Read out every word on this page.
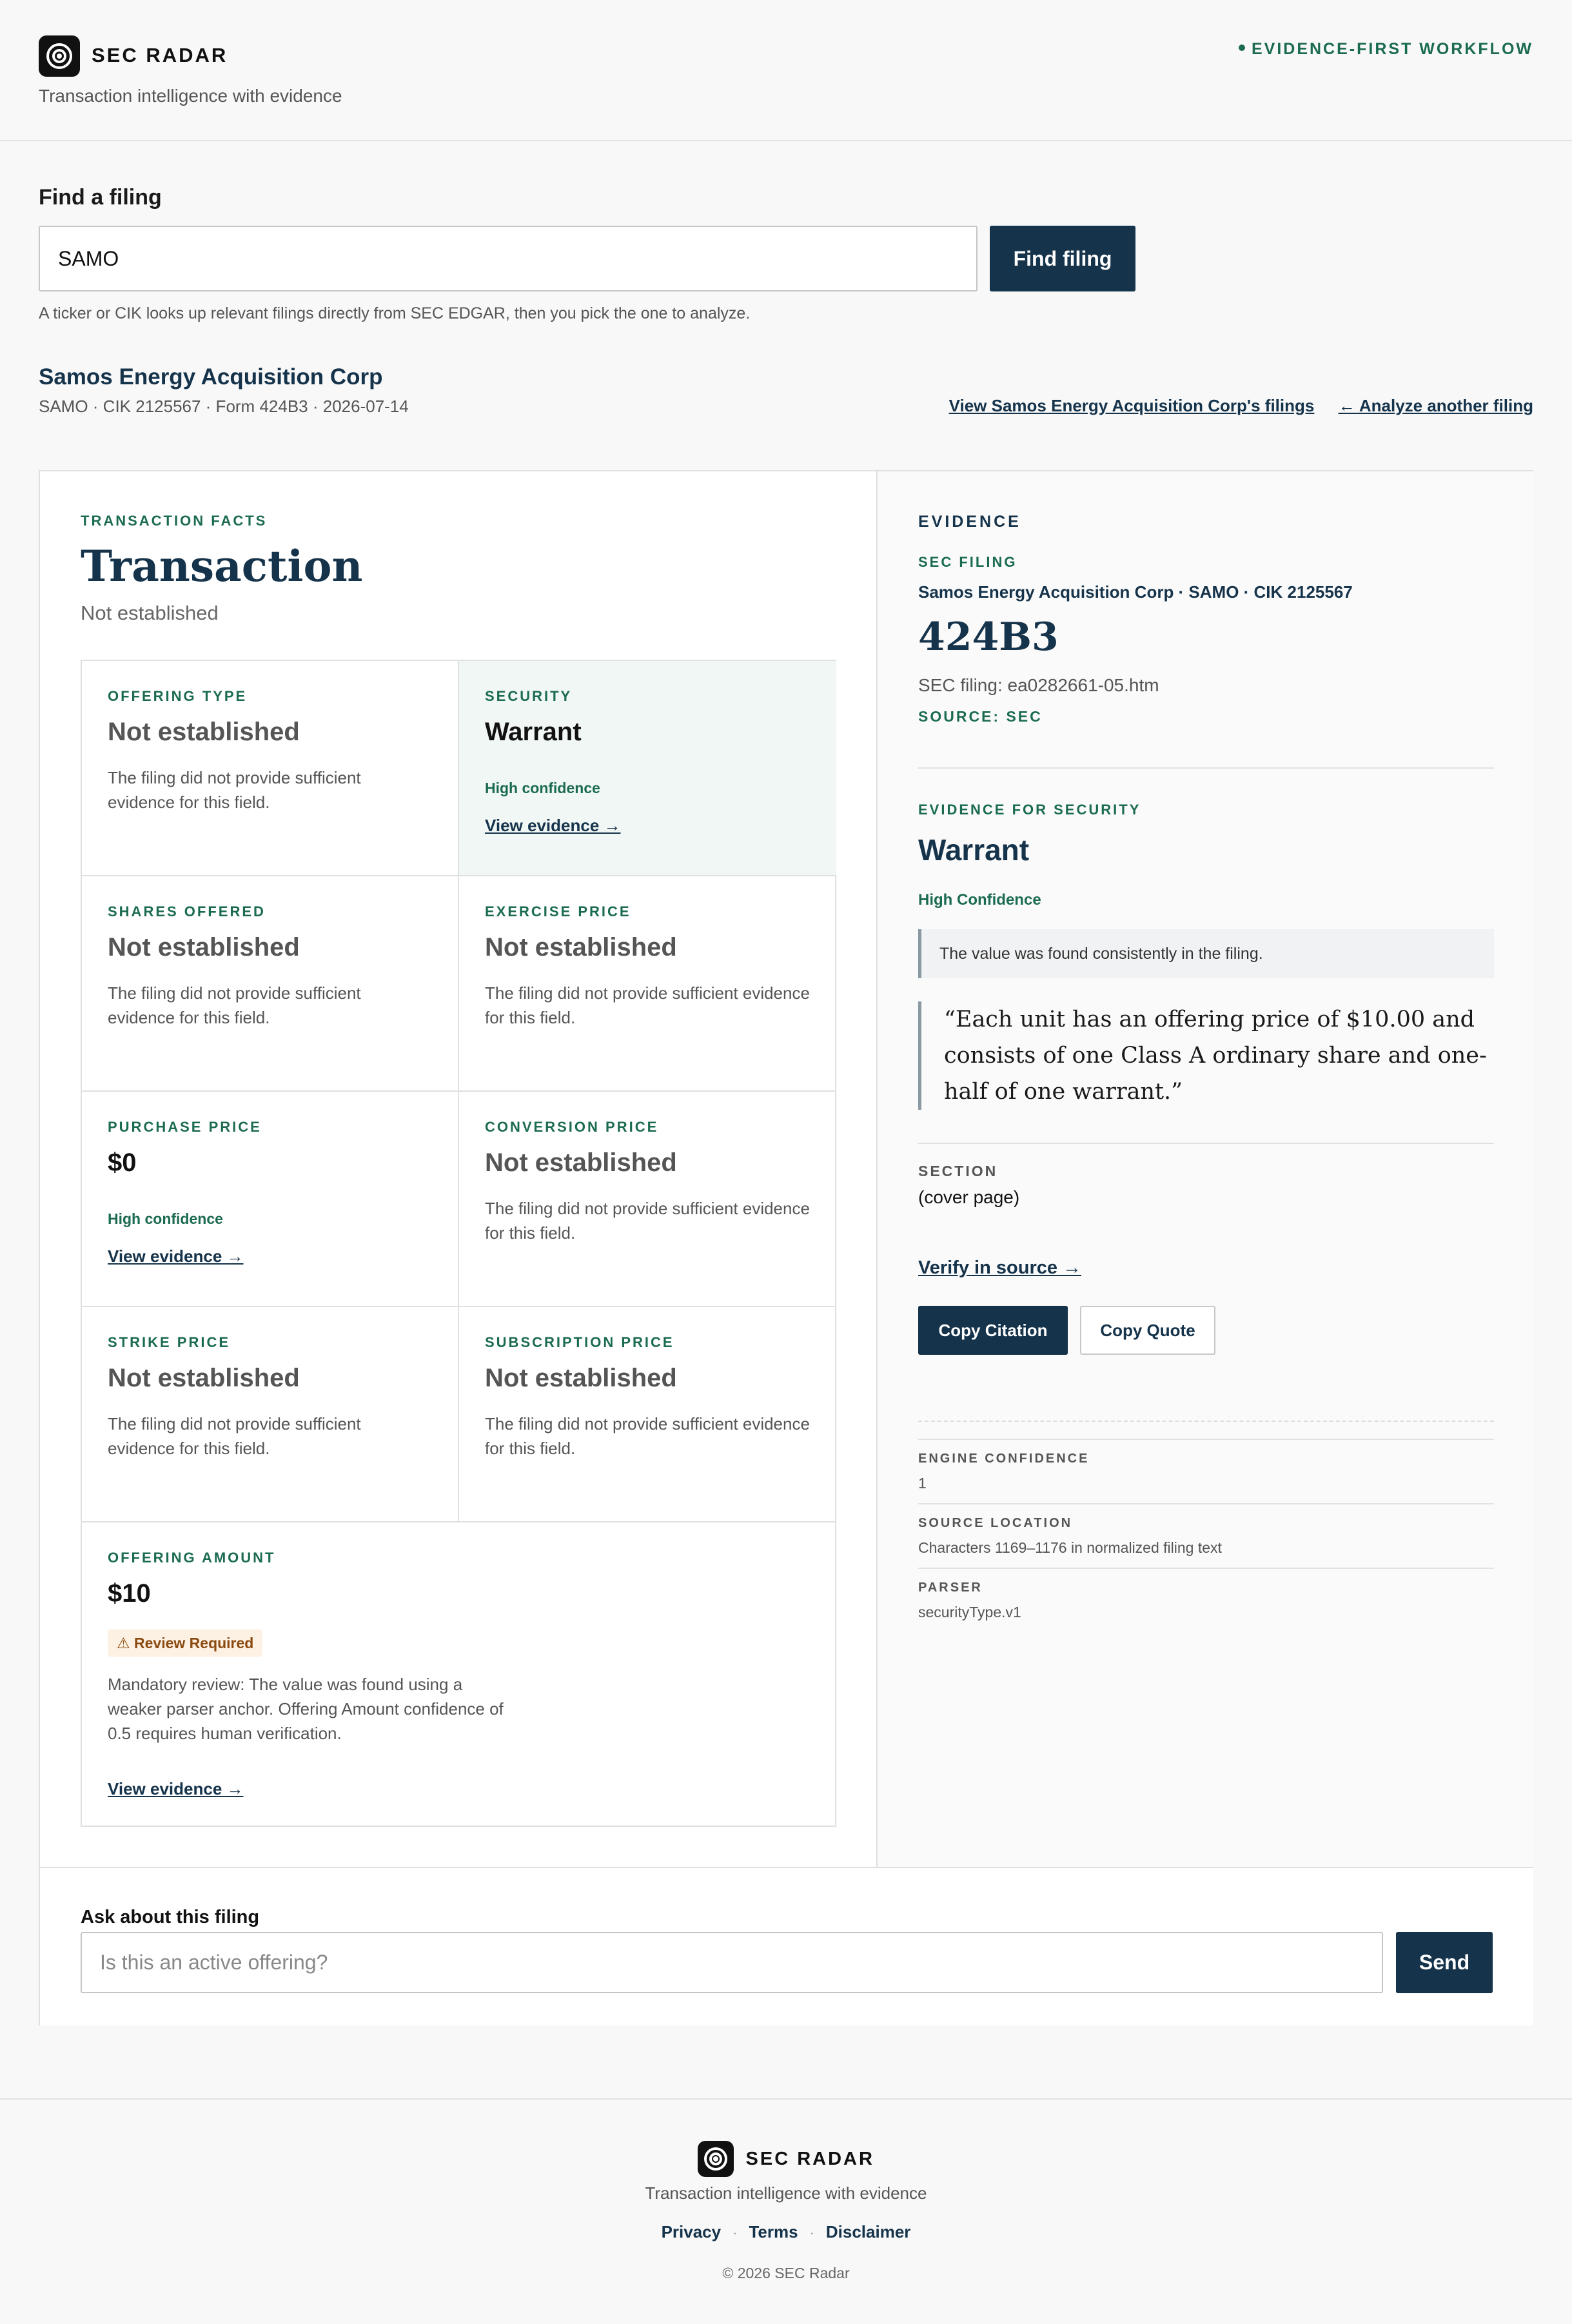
SEC RADAR
Transaction intelligence with evidence
EVIDENCE-FIRST WORKFLOW
Find a filing
SAMO
Find filing
A ticker or CIK looks up relevant filings directly from SEC EDGAR, then you pick the one to analyze.
Samos Energy Acquisition Corp
SAMO · CIK 2125567 · Form 424B3 · 2026-07-14	View Samos Energy Acquisition Corp's filings ← Analyze another filing
TRANSACTION FACTS
Transaction
Not established
OFFERING TYPE
Not established
The filing did not provide sufficient evidence for this field.
SECURITY
Warrant
High confidence
View evidence →
SHARES OFFERED
Not established
The filing did not provide sufficient evidence for this field.
EXERCISE PRICE
Not established
The filing did not provide sufficient evidence for this field.
PURCHASE PRICE
$0
High confidence
View evidence →
CONVERSION PRICE
Not established
The filing did not provide sufficient evidence for this field.
STRIKE PRICE
Not established
The filing did not provide sufficient evidence for this field.
SUBSCRIPTION PRICE
Not established
The filing did not provide sufficient evidence for this field.
OFFERING AMOUNT
$10
⚠ Review Required
Mandatory review: The value was found using a weaker parser anchor. Offering Amount confidence of 0.5 requires human verification.
View evidence →
EVIDENCE
SEC FILING
Samos Energy Acquisition Corp · SAMO · CIK 2125567
424B3
SEC filing: ea0282661-05.htm
SOURCE: SEC
EVIDENCE FOR SECURITY
Warrant
High Confidence
The value was found consistently in the filing.
“Each unit has an offering price of $10.00 and consists of one Class A ordinary share and one-half of one warrant.”
SECTION
(cover page)
Verify in source →
Copy Citation	Copy Quote
ENGINE CONFIDENCE
1
SOURCE LOCATION
Characters 1169–1176 in normalized filing text
PARSER
securityType.v1
Ask about this filing
Is this an active offering?
Send
SEC RADAR
Transaction intelligence with evidence
Privacy · Terms · Disclaimer
© 2026 SEC Radar
